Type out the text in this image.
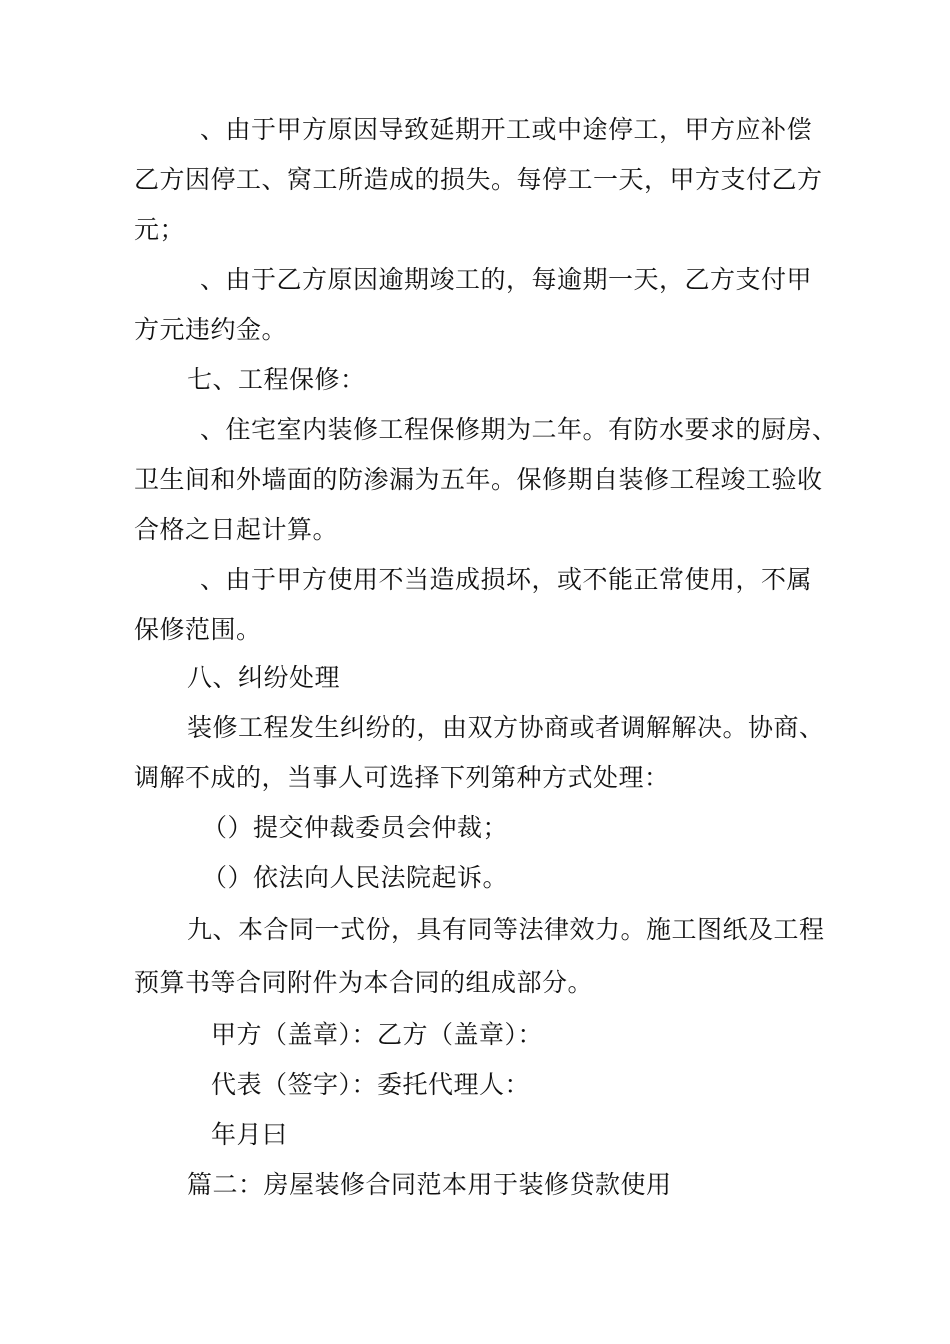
、由于甲方原因导致延期开工或中途停工，甲方应补偿
乙方因停工、窝工所造成的损失。每停工一天，甲方支付乙方
元；
、由于乙方原因逾期竣工的，每逾期一天，乙方支付甲
方元违约金。
七、工程保修：
、住宅室内装修工程保修期为二年。有防水要求的厨房、
卫生间和外墙面的防渗漏为五年。保修期自装修工程竣工验收
合格之日起计算。
、由于甲方使用不当造成损坏，或不能正常使用，不属
保修范围。
八、纠纷处理
装修工程发生纠纷的，由双方协商或者调解解决。协商、
调解不成的，当事人可选择下列第种方式处理：
（）提交仲裁委员会仲裁；
（）依法向人民法院起诉。
九、本合同一式份，具有同等法律效力。施工图纸及工程
预算书等合同附件为本合同的组成部分。
甲方（盖章）：乙方（盖章）：
代表（签字）：委托代理人：
年月曰
篇二：房屋装修合同范本用于装修贷款使用
